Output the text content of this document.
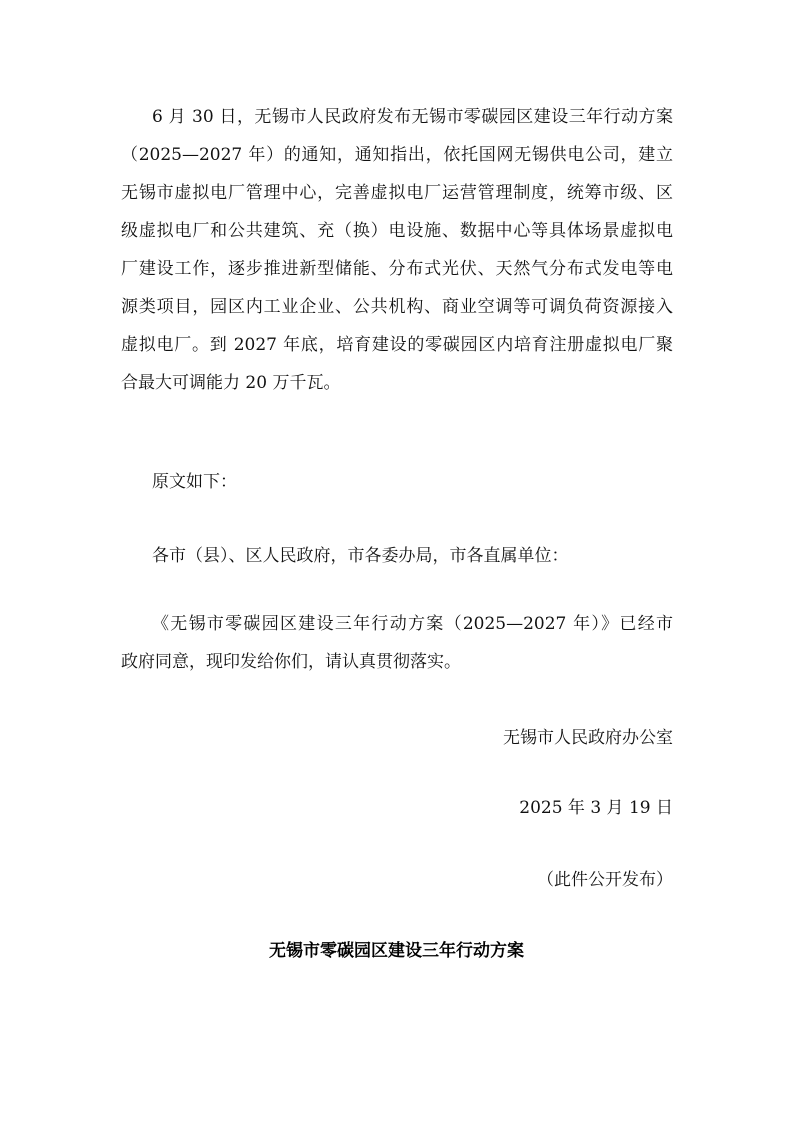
6 月 30 日，无锡市人民政府发布无锡市零碳园区建设三年行动方案
（2025—2027 年）的通知，通知指出，依托国网无锡供电公司，建立
无锡市虚拟电厂管理中心，完善虚拟电厂运营管理制度，统筹市级、区
级虚拟电厂和公共建筑、充（换）电设施、数据中心等具体场景虚拟电
厂建设工作，逐步推进新型储能、分布式光伏、天然气分布式发电等电
源类项目，园区内工业企业、公共机构、商业空调等可调负荷资源接入
虚拟电厂。到 2027 年底，培育建设的零碳园区内培育注册虚拟电厂聚
合最大可调能力 20 万千瓦。
原文如下：
各市（县）、区人民政府，市各委办局，市各直属单位：
《无锡市零碳园区建设三年行动方案（2025—2027 年）》已经市
政府同意，现印发给你们，请认真贯彻落实。
无锡市人民政府办公室
2025 年 3 月 19 日
（此件公开发布）
无锡市零碳园区建设三年行动方案
